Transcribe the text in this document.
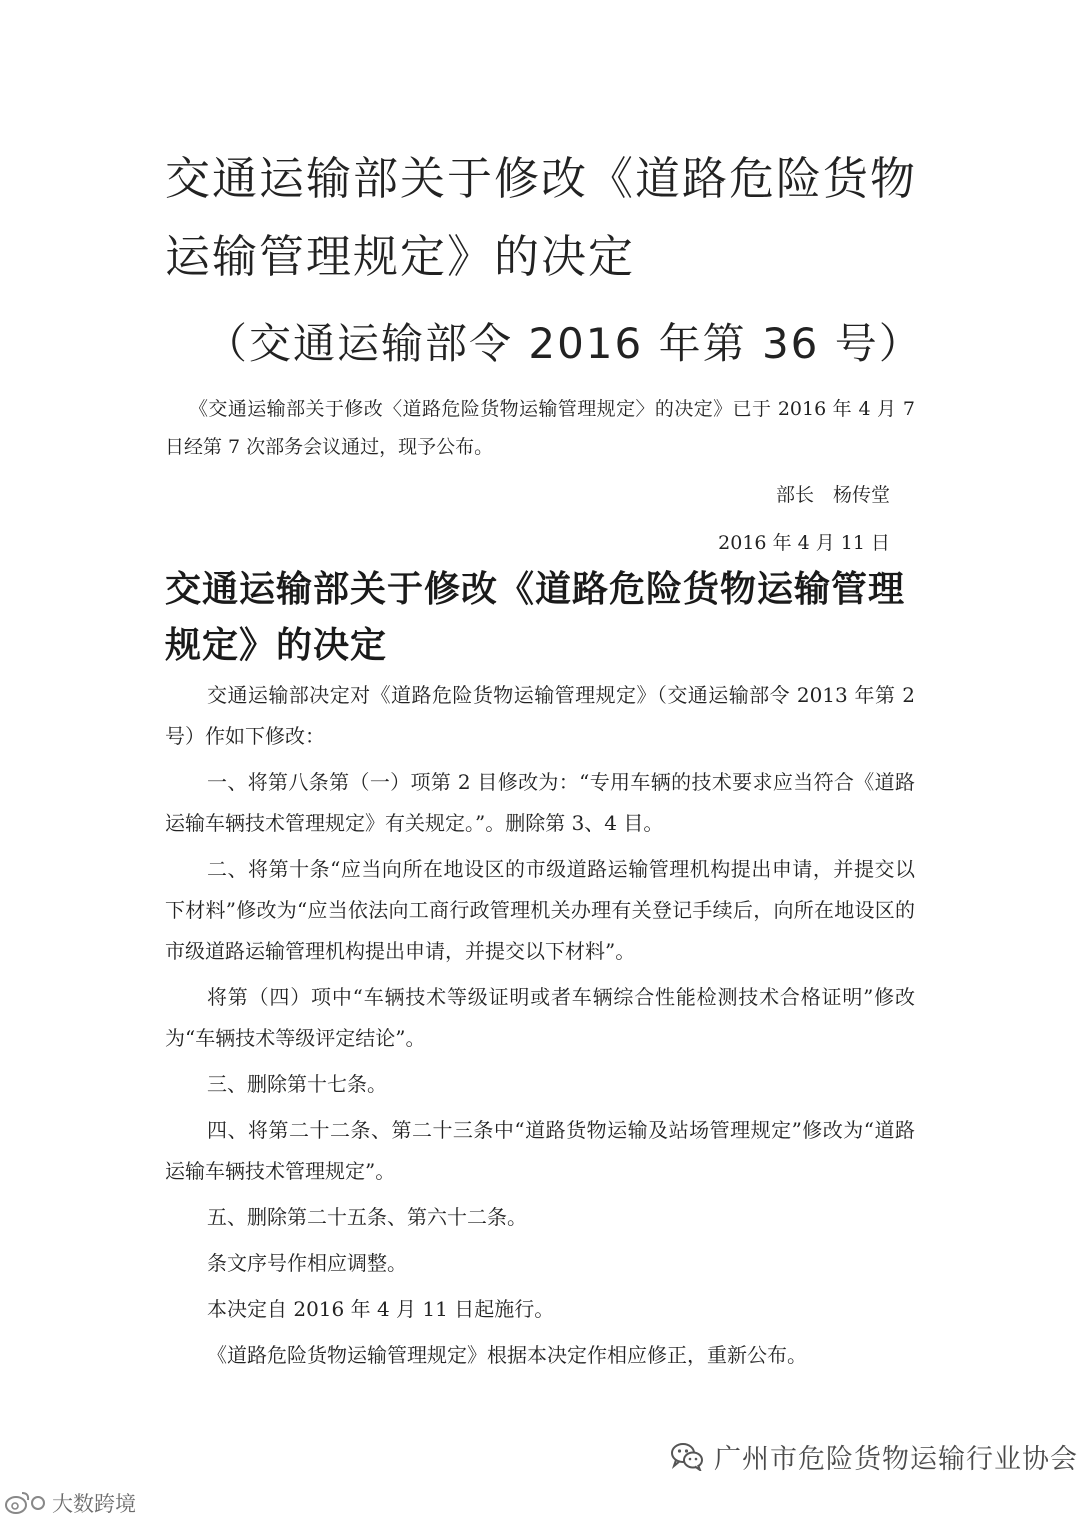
交通运输部关于修改《道路危险货物运输管理规定》的决定
（交通运输部令 2016 年第 36 号）
《交通运输部关于修改〈道路危险货物运输管理规定〉的决定》已于 2016 年 4 月 7 日经第 7 次部务会议通过，现予公布。
部长　杨传堂
2016 年 4 月 11 日
交通运输部关于修改《道路危险货物运输管理规定》的决定

交通运输部决定对《道路危险货物运输管理规定》（交通运输部令 2013 年第 2 号）作如下修改：

一、将第八条第（一）项第 2 目修改为：“专用车辆的技术要求应当符合《道路运输车辆技术管理规定》有关规定。”。删除第 3、4 目。

二、将第十条“应当向所在地设区的市级道路运输管理机构提出申请，并提交以下材料”修改为“应当依法向工商行政管理机关办理有关登记手续后，向所在地设区的市级道路运输管理机构提出申请，并提交以下材料”。

将第（四）项中“车辆技术等级证明或者车辆综合性能检测技术合格证明”修改为“车辆技术等级评定结论”。

三、删除第十七条。

四、将第二十二条、第二十三条中“道路货物运输及站场管理规定”修改为“道路运输车辆技术管理规定”。

五、删除第二十五条、第六十二条。

条文序号作相应调整。

本决定自 2016 年 4 月 11 日起施行。

《道路危险货物运输管理规定》根据本决定作相应修正，重新公布。

广州市危险货物运输行业协会
大数跨境
